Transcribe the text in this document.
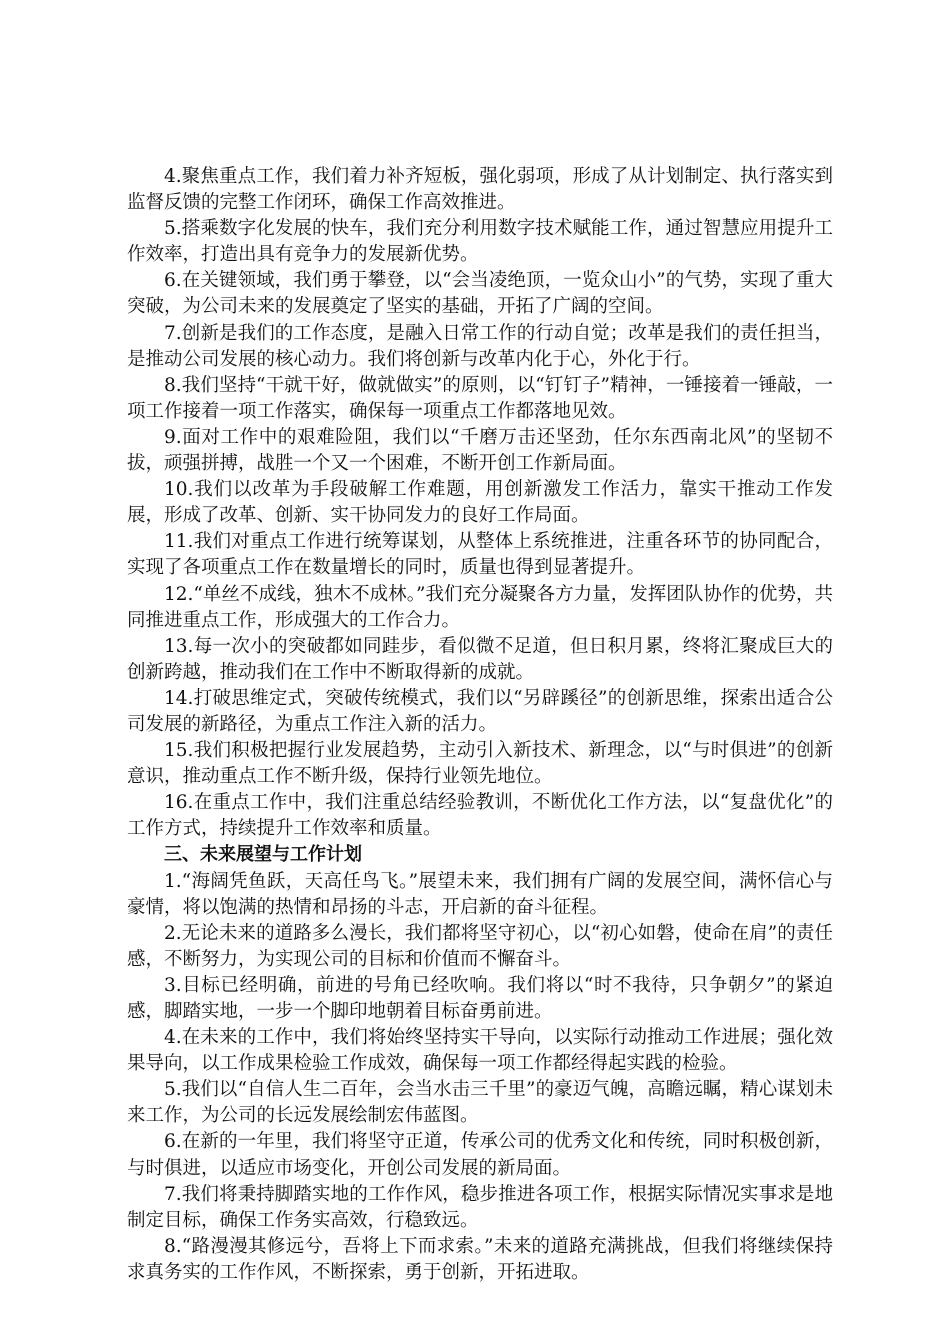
4.聚焦重点工作，我们着力补齐短板，强化弱项，形成了从计划制定、执行落实到监督反馈的完整工作闭环，确保工作高效推进。

5.搭乘数字化发展的快车，我们充分利用数字技术赋能工作，通过智慧应用提升工作效率，打造出具有竞争力的发展新优势。

6.在关键领域，我们勇于攀登，以“会当凌绝顶，一览众山小”的气势，实现了重大突破，为公司未来的发展奠定了坚实的基础，开拓了广阔的空间。

7.创新是我们的工作态度，是融入日常工作的行动自觉；改革是我们的责任担当，是推动公司发展的核心动力。我们将创新与改革内化于心，外化于行。

8.我们坚持“干就干好，做就做实”的原则，以“钉钉子”精神，一锤接着一锤敲，一项工作接着一项工作落实，确保每一项重点工作都落地见效。

9.面对工作中的艰难险阻，我们以“千磨万击还坚劲，任尔东西南北风”的坚韧不拔，顽强拼搏，战胜一个又一个困难，不断开创工作新局面。

10.我们以改革为手段破解工作难题，用创新激发工作活力，靠实干推动工作发展，形成了改革、创新、实干协同发力的良好工作局面。

11.我们对重点工作进行统筹谋划，从整体上系统推进，注重各环节的协同配合，实现了各项重点工作在数量增长的同时，质量也得到显著提升。

12.“单丝不成线，独木不成林。”我们充分凝聚各方力量，发挥团队协作的优势，共同推进重点工作，形成强大的工作合力。

13.每一次小的突破都如同跬步，看似微不足道，但日积月累，终将汇聚成巨大的创新跨越，推动我们在工作中不断取得新的成就。

14.打破思维定式，突破传统模式，我们以“另辟蹊径”的创新思维，探索出适合公司发展的新路径，为重点工作注入新的活力。

15.我们积极把握行业发展趋势，主动引入新技术、新理念，以“与时俱进”的创新意识，推动重点工作不断升级，保持行业领先地位。

16.在重点工作中，我们注重总结经验教训，不断优化工作方法，以“复盘优化”的工作方式，持续提升工作效率和质量。

三、未来展望与工作计划

1.“海阔凭鱼跃，天高任鸟飞。”展望未来，我们拥有广阔的发展空间，满怀信心与豪情，将以饱满的热情和昂扬的斗志，开启新的奋斗征程。

2.无论未来的道路多么漫长，我们都将坚守初心，以“初心如磐，使命在肩”的责任感，不断努力，为实现公司的目标和价值而不懈奋斗。

3.目标已经明确，前进的号角已经吹响。我们将以“时不我待，只争朝夕”的紧迫感，脚踏实地，一步一个脚印地朝着目标奋勇前进。

4.在未来的工作中，我们将始终坚持实干导向，以实际行动推动工作进展；强化效果导向，以工作成果检验工作成效，确保每一项工作都经得起实践的检验。

5.我们以“自信人生二百年，会当水击三千里”的豪迈气魄，高瞻远瞩，精心谋划未来工作，为公司的长远发展绘制宏伟蓝图。

6.在新的一年里，我们将坚守正道，传承公司的优秀文化和传统，同时积极创新，与时俱进，以适应市场变化，开创公司发展的新局面。

7.我们将秉持脚踏实地的工作作风，稳步推进各项工作，根据实际情况实事求是地制定目标，确保工作务实高效，行稳致远。

8.“路漫漫其修远兮，吾将上下而求索。”未来的道路充满挑战，但我们将继续保持求真务实的工作作风，不断探索，勇于创新，开拓进取。
